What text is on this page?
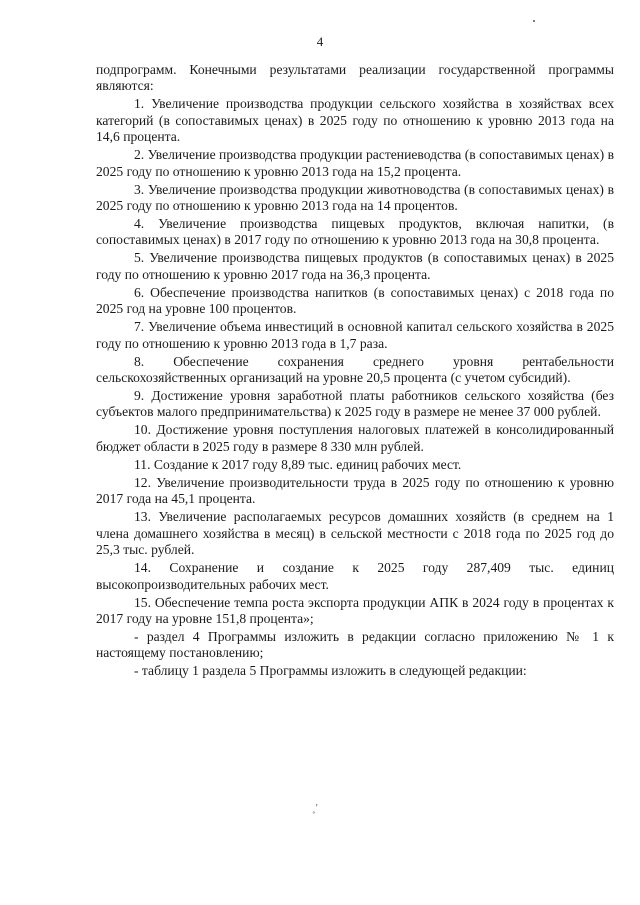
4

подпрограмм. Конечными результатами реализации государственной программы являются:

1. Увеличение производства продукции сельского хозяйства в хозяйствах всех категорий (в сопоставимых ценах) в 2025 году по отношению к уровню 2013 года на 14,6 процента.

2. Увеличение производства продукции растениеводства (в сопоставимых ценах) в 2025 году по отношению к уровню 2013 года на 15,2 процента.

3. Увеличение производства продукции животноводства (в сопоставимых ценах) в 2025 году по отношению к уровню 2013 года на 14 процентов.

4. Увеличение производства пищевых продуктов, включая напитки, (в сопоставимых ценах) в 2017 году по отношению к уровню 2013 года на 30,8 процента.

5. Увеличение производства пищевых продуктов (в сопоставимых ценах) в 2025 году по отношению к уровню 2017 года на 36,3 процента.

6. Обеспечение производства напитков (в сопоставимых ценах) с 2018 года по 2025 год на уровне 100 процентов.

7. Увеличение объема инвестиций в основной капитал сельского хозяйства в 2025 году по отношению к уровню 2013 года в 1,7 раза.

8. Обеспечение сохранения среднего уровня рентабельности сельскохозяйственных организаций на уровне 20,5 процента (с учетом субсидий).

9. Достижение уровня заработной платы работников сельского хозяйства (без субъектов малого предпринимательства) к 2025 году в размере не менее 37 000 рублей.

10. Достижение уровня поступления налоговых платежей в консолидированный бюджет области в 2025 году в размере 8 330 млн рублей.

11. Создание к 2017 году 8,89 тыс. единиц рабочих мест.

12. Увеличение производительности труда в 2025 году по отношению к уровню 2017 года на 45,1 процента.

13. Увеличение располагаемых ресурсов домашних хозяйств (в среднем на 1 члена домашнего хозяйства в месяц) в сельской местности с 2018 года по 2025 год до 25,3 тыс. рублей.

14. Сохранение и создание к 2025 году 287,409 тыс. единиц высокопроизводительных рабочих мест.

15. Обеспечение темпа роста экспорта продукции АПК в 2024 году в процентах к 2017 году на уровне 151,8 процента»;

- раздел 4 Программы изложить в редакции согласно приложению № 1 к настоящему постановлению;

- таблицу 1 раздела 5 Программы изложить в следующей редакции:

˳′
